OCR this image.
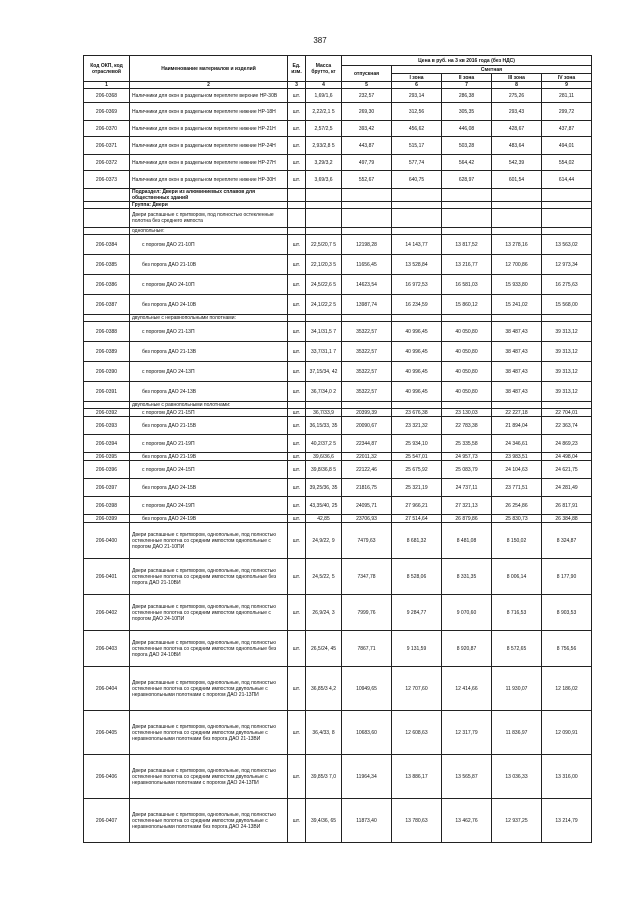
387
Код ОКП, код отраслевой	Наименование материалов и изделий	Ед. изм.	Масса брутто, кг	Цена в руб. на 3 кв 2016 года (без НДС)				
				отпускная	Сметная			
					I зона	II зона	III зона	IV зона
1	2	3	4	5	6	7	8	9
206-0368	Наличники для окон в раздельном переплете верхние НР-30В	шт.	1,69/1,6	232,57	293,14	286,38	275,26	281,11
206-0369	Наличники для окон в раздельном переплете нижние НР-18Н	шт.	2,22/2,1 5	269,30	312,56	305,35	293,43	299,72
206-0370	Наличники для окон в раздельном переплете нижние НР-21Н	шт.	2,57/2,5	393,42	456,62	446,08	428,67	437,87
206-0371	Наличники для окон в раздельном переплете нижние НР-24Н	шт.	2,93/2,8 5	443,87	515,17	503,28	483,64	494,01
206-0372	Наличники для окон в раздельном переплете нижние НР-27Н	шт.	3,29/3,2	497,79	577,74	564,42	542,39	554,02
206-0373	Наличники для окон в раздельном переплете нижние НР-30Н	шт.	3,69/3,6	552,67	640,75	628,97	601,54	614,44
	Подраздел: Двери из алюминиевых сплавов для общественных зданий							
	Группа: Двери							
	Двери распашные с притвором, под полностью остекленные полотна без среднего импоста							
	однопольные:							
206-0384	с порогом ДАО 21-10П	шт.	22,5/20,7 5	12198,28	14 143,77	13 817,52	13 278,16	13 563,02
206-0385	без порога ДАО 21-10В	шт.	22,1/20,3 5	11656,45	13 528,84	13 216,77	12 700,86	12 973,34
206-0386	с порогом ДАО 24-10П	шт.	24,5/22,6 5	14623,54	16 972,53	16 581,03	15 933,80	16 275,63
206-0387	без порога ДАО 24-10В	шт.	24,1/22,2 5	13987,74	16 234,59	15 860,12	15 241,02	15 568,00
	двупольные с неравнопольными полотнами:							
206-0388	с порогом ДАО 21-13П	шт.	34,1/31,5 7	35322,57	40 996,45	40 050,80	38 487,43	39 313,12
206-0389	без порога ДАО 21-13В	шт.	33,7/31,1 7	35322,57	40 996,45	40 050,80	38 487,43	39 313,12
206-0390	с порогом ДАО 24-13П	шт.	37,15/34, 42	35322,57	40 996,45	40 050,80	38 487,43	39 313,12
206-0391	без порога ДАО 24-13В	шт.	36,7/34,0 2	35322,57	40 996,45	40 050,80	38 487,43	39 313,12
	двупольные с равнопольными полотнами:							
206-0392	с порогом ДАО 21-15П	шт.	36,7/33,9	20399,39	23 676,38	23 130,03	22 227,18	22 704,01
206-0393	без порога ДАО 21-15В	шт.	36,15/33, 35	20090,67	23 321,32	22 783,38	21 894,04	22 363,74
206-0394	с порогом ДАО 21-19П	шт.	40,2/37,2 5	22344,87	25 934,10	25 335,58	24 346,61	24 869,23
206-0395	без порога ДАО 21-19В	шт.	39,6/36,6	22011,32	25 547,01	24 957,73	23 983,51	24 498,04
206-0396	с порогом ДАО 24-15П	шт.	39,8/36,8 5	22122,46	25 675,92	25 083,79	24 104,63	24 621,75
206-0397	без порога ДАО 24-15В	шт.	39,25/36, 35	21816,75	25 321,19	24 737,11	23 771,51	24 281,49
206-0398	с порогом ДАО 24-19П	шт.	43,35/40, 25	24095,71	27 966,21	27 321,13	26 254,86	26 817,91
206-0399	без порога ДАО 24-19В	шт.	42,85	23706,93	27 514,64	26 879,86	25 830,73	26 384,88
206-0400	Двери распашные с притвором, однопольные, под полностью остекленные полотна со средним импостом однопольные с порогом ДАО 21-10ПИ	шт.	24,9/22, 9	7479,63	8 681,32	8 481,08	8 150,02	8 324,87
206-0401	Двери распашные с притвором, однопольные, под полностью остекленные полотна со средним импостом однопольные без порога ДАО 21-10ВИ	шт.	24,5/22, 5	7347,78	8 528,06	8 331,35	8 006,14	8 177,90
206-0402	Двери распашные с притвором, однопольные, под полностью остекленные полотна со средним импостом однопольные с порогом ДАО 24-10ПИ	шт.	26,9/24, 3	7999,76	9 284,77	9 070,60	8 716,53	8 903,53
206-0403	Двери распашные с притвором, однопольные, под полностью остекленные полотна со средним импостом однопольные без порога ДАО 24-10ВИ	шт.	26,5/24, 45	7867,71	9 131,59	8 920,87	8 572,65	8 756,56
206-0404	Двери распашные с притвором, однопольные, под полностью остекленные полотна со средним импостом двупольные с неравнопольными полотнами с порогом ДАО 21-13ПИ	шт.	36,85/3 4,2	10949,65	12 707,60	12 414,66	11 930,07	12 186,02
206-0405	Двери распашные с притвором, однопольные, под полностью остекленные полотна со средним импостом двупольные с неравнопольными полотнами без порога ДАО 21-13ВИ	шт.	36,4/33, 8	10683,60	12 608,63	12 317,79	11 836,97	12 090,91
206-0406	Двери распашные с притвором, однопольные, под полностью остекленные полотна со средним импостом двупольные с неравнопольными полотнами с порогом ДАО 24-13ПИ	шт.	39,85/3 7,0	11964,34	13 886,17	13 565,87	13 036,33	13 316,00
206-0407	Двери распашные с притвором, однопольные, под полностью остекленные полотна со средним импостом двупольные с неравнопольными полотнами без порога ДАО 24-13ВИ	шт.	39,4/36, 65	11873,40	13 780,63	13 462,76	12 937,25	13 214,79
